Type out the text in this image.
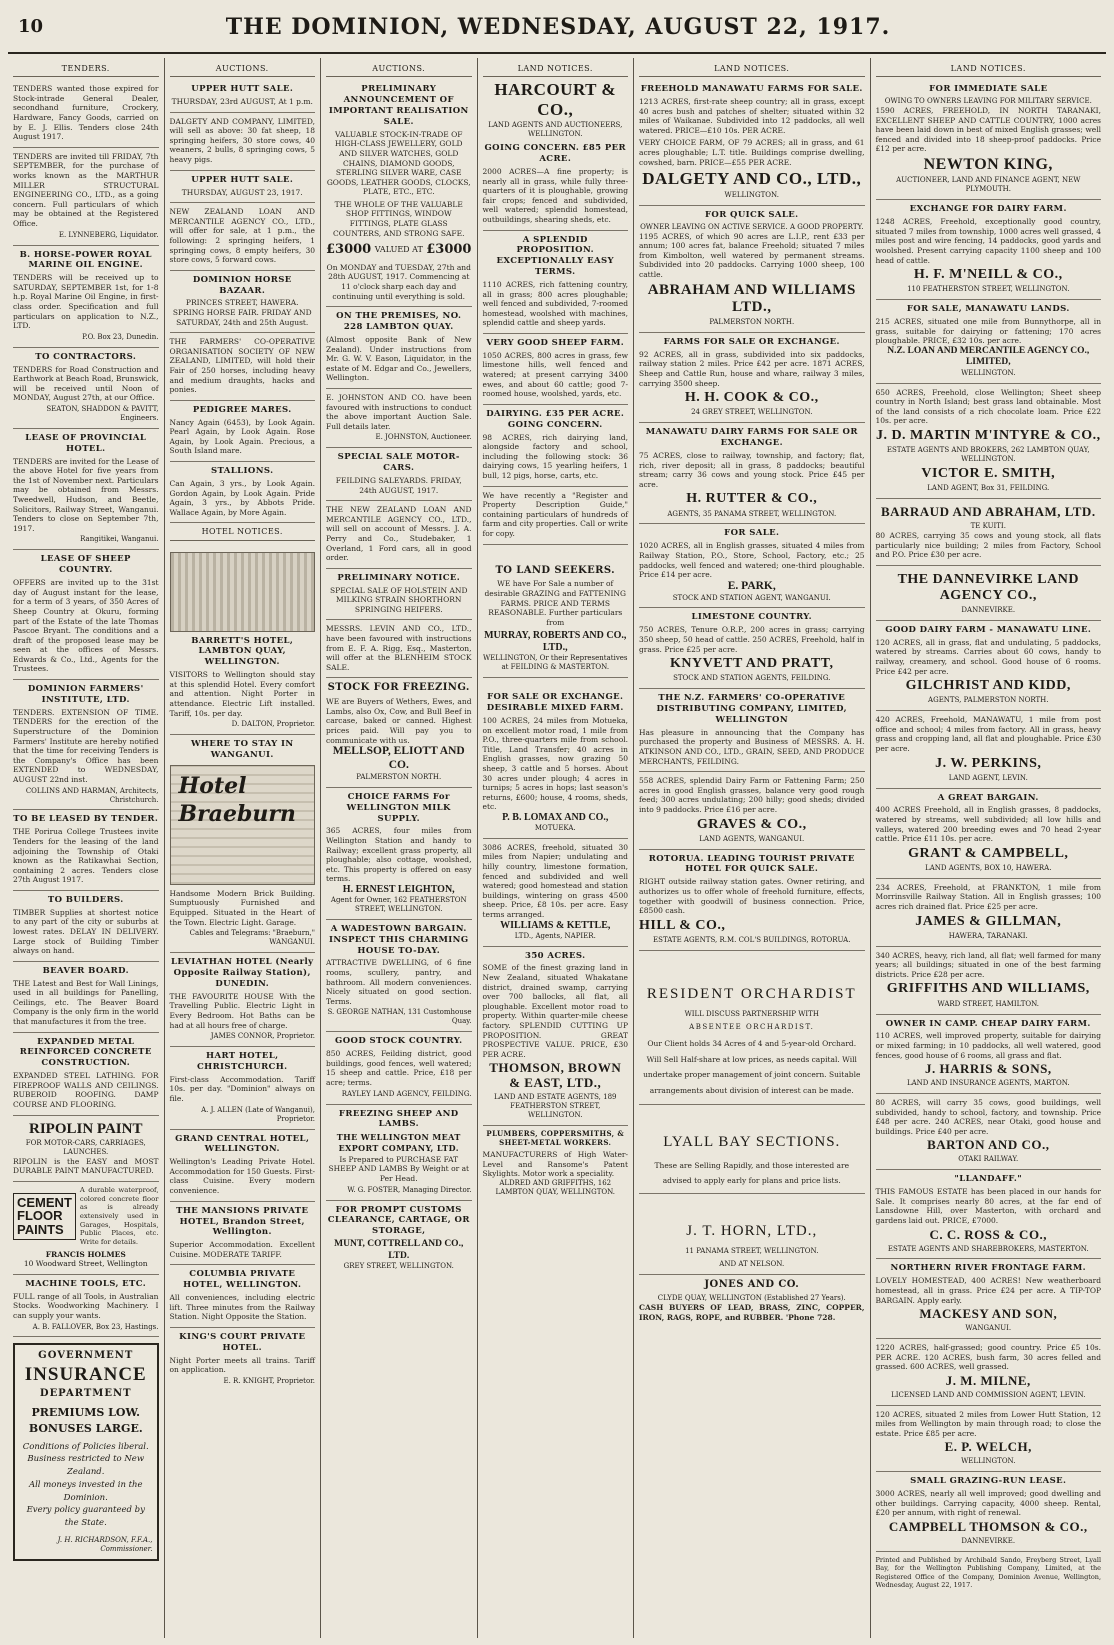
10	THE DOMINION, WEDNESDAY, AUGUST 22, 1917.
TENDERS.
TENDERS wanted those expired for Stock-intrade General Dealer, secondhand furniture, Crockery, Hardware, Fancy Goods, carried on by E. J. Ellis. Tenders close 24th August 1917.
TENDERS are invited till FRIDAY, 7th SEPTEMBER, for the purchase of works known as the MARTHUR MILLER STRUCTURAL ENGINEERING CO., LTD., as a going concern. Full particulars of which may be obtained at the Registered Office.
E. LYNNEBERG, Liquidator.
B. HORSE-POWER ROYAL MARINE OIL ENGINE.
TENDERS will be received up to SATURDAY, SEPTEMBER 1st, for 1-8 h.p. Royal Marine Oil Engine, in first-class order. Specification and full particulars on application to N.Z., LTD.
P.O. Box 23, Dunedin.
TO CONTRACTORS.
TENDERS for Road Construction and Earthwork at Beach Road, Brunswick, will be received until Noon of MONDAY, August 27th, at our Office.
SEATON, SHADDON & PAVITT, Engineers.
LEASE OF PROVINCIAL HOTEL.
TENDERS are invited for the Lease of the above Hotel for five years from the 1st of November next. Particulars may be obtained from Messrs. Tweedwell, Hudson, and Beetle, Solicitors, Railway Street, Wanganui. Tenders to close on September 7th, 1917.
Rangitikei, Wanganui.
LEASE OF SHEEP COUNTRY.
OFFERS are invited up to the 31st day of August instant for the lease, for a term of 3 years, of 350 Acres of Sheep Country at Okuru, forming part of the Estate of the late Thomas Pascoe Bryant. The conditions and a draft of the proposed lease may be seen at the offices of Messrs. Edwards & Co., Ltd., Agents for the Trustees.
DOMINION FARMERS' INSTITUTE, LTD.
TENDERS. EXTENSION OF TIME. TENDERS for the erection of the Superstructure of the Dominion Farmers' Institute are hereby notified that the time for receiving Tenders is the Company's Office has been EXTENDED to WEDNESDAY, AUGUST 22nd inst.
COLLINS AND HARMAN, Architects, Christchurch.
TO BE LEASED BY TENDER.
THE Porirua College Trustees invite Tenders for the leasing of the land adjoining the Township of Otaki known as the Ratikawhai Section, containing 2 acres. Tenders close 27th August 1917.
TO BUILDERS.
TIMBER Supplies at shortest notice to any part of the city or suburbs at lowest rates. DELAY IN DELIVERY. Large stock of Building Timber always on hand.
BEAVER BOARD.
THE Latest and Best for Wall Linings, used in all buildings for Panelling, Ceilings, etc. The Beaver Board Company is the only firm in the world that manufactures it from the tree.
EXPANDED METAL REINFORCED CONCRETE CONSTRUCTION.
EXPANDED STEEL LATHING. FOR FIREPROOF WALLS AND CEILINGS. RUBEROID ROOFING. DAMP COURSE AND FLOORING.
RIPOLIN PAINT
FOR MOTOR-CARS, CARRIAGES, LAUNCHES.
RIPOLIN is the EASY and MOST DURABLE PAINT MANUFACTURED.
CEMENT
FLOOR
PAINTS
A durable waterproof, colored concrete floor as is already extensively used in Garages, Hospitals, Public Places, etc. Write for details.
FRANCIS HOLMES
10 Woodward Street, Wellington
MACHINE TOOLS, ETC.
FULL range of all Tools, in Australian Stocks. Woodworking Machinery. I can supply your wants.
A. B. FALLOVER, Box 23, Hastings.
GOVERNMENT
INSURANCE
DEPARTMENT
PREMIUMS LOW.
BONUSES LARGE.
Conditions of Policies liberal.
Business restricted to New Zealand.
All moneys invested in the Dominion.
Every policy guaranteed by the State.
J. H. RICHARDSON, F.F.A., Commissioner.
AUCTIONS.
UPPER HUTT SALE.
THURSDAY, 23rd AUGUST, At 1 p.m.
DALGETY AND COMPANY, LIMITED, will sell as above: 30 fat sheep, 18 springing heifers, 30 store cows, 40 weaners, 2 bulls, 8 springing cows, 5 heavy pigs.
UPPER HUTT SALE.
THURSDAY, AUGUST 23, 1917.
NEW ZEALAND LOAN AND MERCANTILE AGENCY CO., LTD., will offer for sale, at 1 p.m., the following: 2 springing heifers, 1 springing cows, 8 empty heifers, 30 store cows, 5 forward cows.
DOMINION HORSE BAZAAR.
PRINCES STREET, HAWERA. SPRING HORSE FAIR. FRIDAY AND SATURDAY, 24th and 25th August.
THE FARMERS' CO-OPERATIVE ORGANISATION SOCIETY OF NEW ZEALAND, LIMITED, will hold their Fair of 250 horses, including heavy and medium draughts, hacks and ponies.
PEDIGREE MARES.
Nancy Again (6453), by Look Again. Pearl Again, by Look Again. Rose Again, by Look Again. Precious, a South Island mare.
STALLIONS.
Can Again, 3 yrs., by Look Again. Gordon Again, by Look Again. Pride Again, 3 yrs., by Abbots Pride. Wallace Again, by More Again.
HOTEL NOTICES.
BARRETT'S HOTEL, LAMBTON QUAY, WELLINGTON.
VISITORS to Wellington should stay at this splendid Hotel. Every comfort and attention. Night Porter in attendance. Electric Lift installed. Tariff, 10s. per day.
D. DALTON, Proprietor.
WHERE TO STAY IN WANGANUI.
Hotel Braeburn
Handsome Modern Brick Building. Sumptuously Furnished and Equipped. Situated in the Heart of the Town. Electric Light. Garage.
Cables and Telegrams: "Braeburn," WANGANUI.
LEVIATHAN HOTEL (Nearly Opposite Railway Station), DUNEDIN.
THE FAVOURITE HOUSE With the Travelling Public. Electric Light in Every Bedroom. Hot Baths can be had at all hours free of charge.
JAMES CONNOR, Proprietor.
HART HOTEL, CHRISTCHURCH.
First-class Accommodation. Tariff 10s. per day. "Dominion" always on file.
A. J. ALLEN (Late of Wanganui), Proprietor.
GRAND CENTRAL HOTEL, WELLINGTON.
Wellington's Leading Private Hotel. Accommodation for 150 Guests. First-class Cuisine. Every modern convenience.
THE MANSIONS PRIVATE HOTEL, Brandon Street, Wellington.
Superior Accommodation. Excellent Cuisine. MODERATE TARIFF.
COLUMBIA PRIVATE HOTEL, WELLINGTON.
All conveniences, including electric lift. Three minutes from the Railway Station. Night Opposite the Station.
KING'S COURT PRIVATE HOTEL.
Night Porter meets all trains. Tariff on application.
E. R. KNIGHT, Proprietor.
AUCTIONS.
PRELIMINARY ANNOUNCEMENT OF IMPORTANT REALISATION SALE.
VALUABLE STOCK-IN-TRADE OF HIGH-CLASS JEWELLERY, GOLD AND SILVER WATCHES, GOLD CHAINS, DIAMOND GOODS, STERLING SILVER WARE, CASE GOODS, LEATHER GOODS, CLOCKS, PLATE, ETC., ETC.
THE WHOLE OF THE VALUABLE SHOP FITTINGS, WINDOW FITTINGS, PLATE GLASS COUNTERS, AND STRONG SAFE.
£3000 VALUED AT £3000
On MONDAY and TUESDAY, 27th and 28th AUGUST, 1917. Commencing at 11 o'clock sharp each day and continuing until everything is sold.
ON THE PREMISES, NO. 228 LAMBTON QUAY.
(Almost opposite Bank of New Zealand). Under instructions from Mr. G. W. V. Eason, Liquidator, in the estate of M. Edgar and Co., Jewellers, Wellington.
E. JOHNSTON AND CO. have been favoured with instructions to conduct the above important Auction Sale. Full details later.
E. JOHNSTON, Auctioneer.
SPECIAL SALE MOTOR-CARS.
FEILDING SALEYARDS. FRIDAY, 24th AUGUST, 1917.
THE NEW ZEALAND LOAN AND MERCANTILE AGENCY CO., LTD., will sell on account of Messrs. J. A. Perry and Co., Studebaker, 1 Overland, 1 Ford cars, all in good order.
PRELIMINARY NOTICE.
SPECIAL SALE OF HOLSTEIN AND MILKING STRAIN SHORTHORN SPRINGING HEIFERS.
MESSRS. LEVIN AND CO., LTD., have been favoured with instructions from E. F. A. Rigg, Esq., Masterton, will offer at the BLENHEIM STOCK SALE.
STOCK FOR FREEZING.
WE are Buyers of Wethers, Ewes, and Lambs, also Ox, Cow, and Bull Beef in carcase, baked or canned. Highest prices paid. Will pay you to communicate with us.
MELLSOP, ELIOTT AND CO.
PALMERSTON NORTH.
CHOICE FARMS For WELLINGTON MILK SUPPLY.
365 ACRES, four miles from Wellington Station and handy to Railway; excellent grass property, all ploughable; also cottage, woolshed, etc. This property is offered on easy terms.
H. ERNEST LEIGHTON,
Agent for Owner, 162 FEATHERSTON STREET, WELLINGTON.
A WADESTOWN BARGAIN. INSPECT THIS CHARMING HOUSE TO-DAY.
ATTRACTIVE DWELLING, of 6 fine rooms, scullery, pantry, and bathroom. All modern conveniences. Nicely situated on good section. Terms.
S. GEORGE NATHAN, 131 Customhouse Quay.
GOOD STOCK COUNTRY.
850 ACRES, Feilding district, good buildings, good fences, well watered; 15 sheep and cattle. Price, £18 per acre; terms.
RAYLEY LAND AGENCY, FEILDING.
FREEZING SHEEP AND LAMBS.
THE WELLINGTON MEAT EXPORT COMPANY, LTD.
Is Prepared to PURCHASE FAT SHEEP AND LAMBS By Weight or at Per Head.
W. G. FOSTER, Managing Director.
FOR PROMPT CUSTOMS CLEARANCE, CARTAGE, OR STORAGE,
MUNT, COTTRELL AND CO., LTD.
GREY STREET, WELLINGTON.
LAND NOTICES.
HARCOURT & CO.,
LAND AGENTS AND AUCTIONEERS, WELLINGTON.
GOING CONCERN. £85 PER ACRE.
2000 ACRES—A fine property; is nearly all in grass, while fully three-quarters of it is ploughable, growing fair crops; fenced and subdivided, well watered; splendid homestead, outbuildings, shearing sheds, etc.
A SPLENDID PROPOSITION. EXCEPTIONALLY EASY TERMS.
1110 ACRES, rich fattening country, all in grass; 800 acres ploughable; well fenced and subdivided, 7-roomed homestead, woolshed with machines, splendid cattle and sheep yards.
VERY GOOD SHEEP FARM.
1050 ACRES, 800 acres in grass, few limestone hills, well fenced and watered; at present carrying 3400 ewes, and about 60 cattle; good 7-roomed house, woolshed, yards, etc.
DAIRYING. £35 PER ACRE. GOING CONCERN.
98 ACRES, rich dairying land, alongside factory and school, including the following stock: 36 dairying cows, 15 yearling heifers, 1 bull, 12 pigs, horse, carts, etc.
We have recently a "Register and Property Description Guide," containing particulars of hundreds of farm and city properties. Call or write for copy.
TO LAND SEEKERS.
WE have For Sale a number of desirable GRAZING and FATTENING FARMS. PRICE AND TERMS REASONABLE. Further particulars from
MURRAY, ROBERTS AND CO., LTD.,
WELLINGTON, Or their Representatives at FEILDING & MASTERTON.
FOR SALE OR EXCHANGE. DESIRABLE MIXED FARM.
100 ACRES, 24 miles from Motueka, on excellent motor road, 1 mile from P.O., three-quarters mile from school. Title, Land Transfer; 40 acres in English grasses, now grazing 50 sheep, 3 cattle and 5 horses. About 30 acres under plough; 4 acres in turnips; 5 acres in hops; last season's returns, £600; house, 4 rooms, sheds, etc.
P. B. LOMAX AND CO.,
MOTUEKA.
3086 ACRES, freehold, situated 30 miles from Napier; undulating and hilly country, limestone formation, fenced and subdivided and well watered; good homestead and station buildings, wintering on grass 4500 sheep. Price, £8 10s. per acre. Easy terms arranged.
WILLIAMS & KETTLE,
LTD., Agents, NAPIER.
350 ACRES.
SOME of the finest grazing land in New Zealand, situated Whakatane district, drained swamp, carrying over 700 ballocks, all flat, all ploughable. Excellent motor road to property. Within quarter-mile cheese factory. SPLENDID CUTTING UP PROPOSITION. GREAT PROSPECTIVE VALUE. PRICE, £30 PER ACRE.
THOMSON, BROWN & EAST, LTD.,
LAND AND ESTATE AGENTS, 189 FEATHERSTON STREET, WELLINGTON.
PLUMBERS, COPPERSMITHS, & SHEET-METAL WORKERS.
MANUFACTURERS of High Water-Level and Ransome's Patent Skylights. Motor work a speciality.
ALDRED AND GRIFFITHS, 162 LAMBTON QUAY, WELLINGTON.
LAND NOTICES.
FREEHOLD MANAWATU FARMS FOR SALE.
1213 ACRES, first-rate sheep country; all in grass, except 40 acres bush and patches of shelter; situated within 32 miles of Waikanae. Subdivided into 12 paddocks, all well watered. PRICE—£10 10s. PER ACRE.
VERY CHOICE FARM, OF 79 ACRES; all in grass, and 61 acres ploughable; L.T. title. Buildings comprise dwelling, cowshed, barn. PRICE—£55 PER ACRE.
DALGETY AND CO., LTD.,
WELLINGTON.
FOR QUICK SALE.
OWNER LEAVING ON ACTIVE SERVICE. A GOOD PROPERTY.
1195 ACRES, of which 90 acres are L.I.P., rent £33 per annum; 100 acres fat, balance Freehold; situated 7 miles from Kimbolton, well watered by permanent streams. Subdivided into 20 paddocks. Carrying 1000 sheep, 100 cattle.
ABRAHAM AND WILLIAMS LTD.,
PALMERSTON NORTH.
FARMS FOR SALE OR EXCHANGE.
92 ACRES, all in grass, subdivided into six paddocks, railway station 2 miles. Price £42 per acre. 1871 ACRES, Sheep and Cattle Run, house and whare, railway 3 miles, carrying 3500 sheep.
H. H. COOK & CO.,
24 GREY STREET, WELLINGTON.
MANAWATU DAIRY FARMS FOR SALE OR EXCHANGE.
75 ACRES, close to railway, township, and factory; flat, rich, river deposit; all in grass, 8 paddocks; beautiful stream; carry 36 cows and young stock. Price £45 per acre.
H. RUTTER & CO.,
AGENTS, 35 PANAMA STREET, WELLINGTON.
FOR SALE.
1020 ACRES, all in English grasses, situated 4 miles from Railway Station, P.O., Store, School, Factory, etc.; 25 paddocks, well fenced and watered; one-third ploughable. Price £14 per acre.
E. PARK,
STOCK AND STATION AGENT, WANGANUI.
LIMESTONE COUNTRY.
750 ACRES, Tenure O.R.P., 200 acres in grass; carrying 350 sheep, 50 head of cattle. 250 ACRES, Freehold, half in grass. Price £25 per acre.
KNYVETT AND PRATT,
STOCK AND STATION AGENTS, FEILDING.
THE N.Z. FARMERS' CO-OPERATIVE DISTRIBUTING COMPANY, LIMITED, WELLINGTON
Has pleasure in announcing that the Company has purchased the property and Business of MESSRS. A. H. ATKINSON AND CO., LTD., GRAIN, SEED, AND PRODUCE MERCHANTS, FEILDING.
558 ACRES, splendid Dairy Farm or Fattening Farm; 250 acres in good English grasses, balance very good rough feed; 300 acres undulating; 200 hilly; good sheds; divided into 9 paddocks. Price £16 per acre.
GRAVES & CO.,
LAND AGENTS, WANGANUI.
ROTORUA. LEADING TOURIST PRIVATE HOTEL FOR QUICK SALE.
RIGHT outside railway station gates. Owner retiring, and authorizes us to offer whole of freehold furniture, effects, together with goodwill of business connection. Price, £8500 cash.
HILL & CO.,
ESTATE AGENTS, R.M. COL'S BUILDINGS, ROTORUA.
RESIDENT ORCHARDIST
WILL DISCUSS PARTNERSHIP WITH
ABSENTEE ORCHARDIST.
Our Client holds 34 Acres of 4 and 5-year-old Orchard. Will Sell Half-share at low prices, as needs capital. Will undertake proper management of joint concern. Suitable arrangements about division of interest can be made.
LYALL BAY SECTIONS.
These are Selling Rapidly, and those interested are advised to apply early for plans and price lists.
J. T. HORN, LTD.,
11 PANAMA STREET, WELLINGTON.
AND AT NELSON.
JONES AND CO.
CLYDE QUAY, WELLINGTON (Established 27 Years).
CASH BUYERS OF LEAD, BRASS, ZINC, COPPER, IRON, RAGS, ROPE, and RUBBER. 'Phone 728.
LAND NOTICES.
FOR IMMEDIATE SALE
OWING TO OWNERS LEAVING FOR MILITARY SERVICE.
1590 ACRES, FREEHOLD, IN NORTH TARANAKI, EXCELLENT SHEEP AND CATTLE COUNTRY, 1000 acres have been laid down in best of mixed English grasses; well fenced and divided into 18 sheep-proof paddocks. Price £12 per acre.
NEWTON KING,
AUCTIONEER, LAND AND FINANCE AGENT, NEW PLYMOUTH.
EXCHANGE FOR DAIRY FARM.
1248 ACRES, Freehold, exceptionally good country, situated 7 miles from township, 1000 acres well grassed, 4 miles post and wire fencing, 14 paddocks, good yards and woolshed. Present carrying capacity 1100 sheep and 100 head of cattle.
H. F. M'NEILL & CO.,
110 FEATHERSTON STREET, WELLINGTON.
FOR SALE, MANAWATU LANDS.
215 ACRES, situated one mile from Bunnythorpe, all in grass, suitable for dairying or fattening; 170 acres ploughable. PRICE, £32 10s. per acre.
N.Z. LOAN AND MERCANTILE AGENCY CO., LIMITED,
WELLINGTON.
650 ACRES, Freehold, close Wellington; Sheet sheep country in North Island; best grass land obtainable. Most of the land consists of a rich chocolate loam. Price £22 10s. per acre.
J. D. MARTIN M'INTYRE & CO.,
ESTATE AGENTS AND BROKERS, 262 LAMBTON QUAY, WELLINGTON.
VICTOR E. SMITH,
LAND AGENT, Box 31, FEILDING.
BARRAUD AND ABRAHAM, LTD.
TE KUITI.
80 ACRES, carrying 35 cows and young stock, all flats particularly nice building; 2 miles from Factory, School and P.O. Price £30 per acre.
THE DANNEVIRKE LAND AGENCY CO.,
DANNEVIRKE.
GOOD DAIRY FARM - MANAWATU LINE.
120 ACRES, all in grass, flat and undulating, 5 paddocks, watered by streams. Carries about 60 cows, handy to railway, creamery, and school. Good house of 6 rooms. Price £42 per acre.
GILCHRIST AND KIDD,
AGENTS, PALMERSTON NORTH.
420 ACRES, Freehold, MANAWATU, 1 mile from post office and school; 4 miles from factory. All in grass, heavy grass and cropping land, all flat and ploughable. Price £30 per acre.
J. W. PERKINS,
LAND AGENT, LEVIN.
A GREAT BARGAIN.
400 ACRES Freehold, all in English grasses, 8 paddocks, watered by streams, well subdivided; all low hills and valleys, watered 200 breeding ewes and 70 head 2-year cattle. Price £11 10s. per acre.
GRANT & CAMPBELL,
LAND AGENTS, BOX 10, HAWERA.
234 ACRES, Freehold, at FRANKTON, 1 mile from Morrinsville Railway Station. All in English grasses; 100 acres rich drained flat. Price £25 per acre.
JAMES & GILLMAN,
HAWERA, TARANAKI.
340 ACRES, heavy, rich land, all flat; well farmed for many years; all buildings; situated in one of the best farming districts. Price £28 per acre.
GRIFFITHS AND WILLIAMS,
WARD STREET, HAMILTON.
OWNER IN CAMP. CHEAP DAIRY FARM.
110 ACRES, well improved property, suitable for dairying or mixed farming; in 10 paddocks, all well watered, good fences, good house of 6 rooms, all grass and flat.
J. HARRIS & SONS,
LAND AND INSURANCE AGENTS, MARTON.
80 ACRES, will carry 35 cows, good buildings, well subdivided, handy to school, factory, and township. Price £48 per acre. 240 ACRES, near Otaki, good house and buildings. Price £40 per acre.
BARTON AND CO.,
OTAKI RAILWAY.
"LLANDAFF."
THIS FAMOUS ESTATE has been placed in our hands for Sale. It comprises nearly 80 acres, at the far end of Lansdowne Hill, over Masterton, with orchard and gardens laid out. PRICE, £7000.
C. C. ROSS & CO.,
ESTATE AGENTS AND SHAREBROKERS, MASTERTON.
NORTHERN RIVER FRONTAGE FARM.
LOVELY HOMESTEAD, 400 ACRES! New weatherboard homestead, all in grass. Price £24 per acre. A TIP-TOP BARGAIN. Apply early.
MACKESY AND SON,
WANGANUI.
1220 ACRES, half-grassed; good country. Price £5 10s. PER ACRE. 120 ACRES, bush farm, 30 acres felled and grassed. 600 ACRES, well grassed.
J. M. MILNE,
LICENSED LAND AND COMMISSION AGENT, LEVIN.
120 ACRES, situated 2 miles from Lower Hutt Station, 12 miles from Wellington by main through road; to close the estate. Price £85 per acre.
E. P. WELCH,
WELLINGTON.
SMALL GRAZING-RUN LEASE.
3000 ACRES, nearly all well improved; good dwelling and other buildings. Carrying capacity, 4000 sheep. Rental, £20 per annum, with right of renewal.
CAMPBELL THOMSON & CO.,
DANNEVIRKE.
Printed and Published by Archibald Sando, Freyberg Street, Lyall Bay, for the Wellington Publishing Company, Limited, at the Registered Office of the Company, Dominion Avenue, Wellington, Wednesday, August 22, 1917.
